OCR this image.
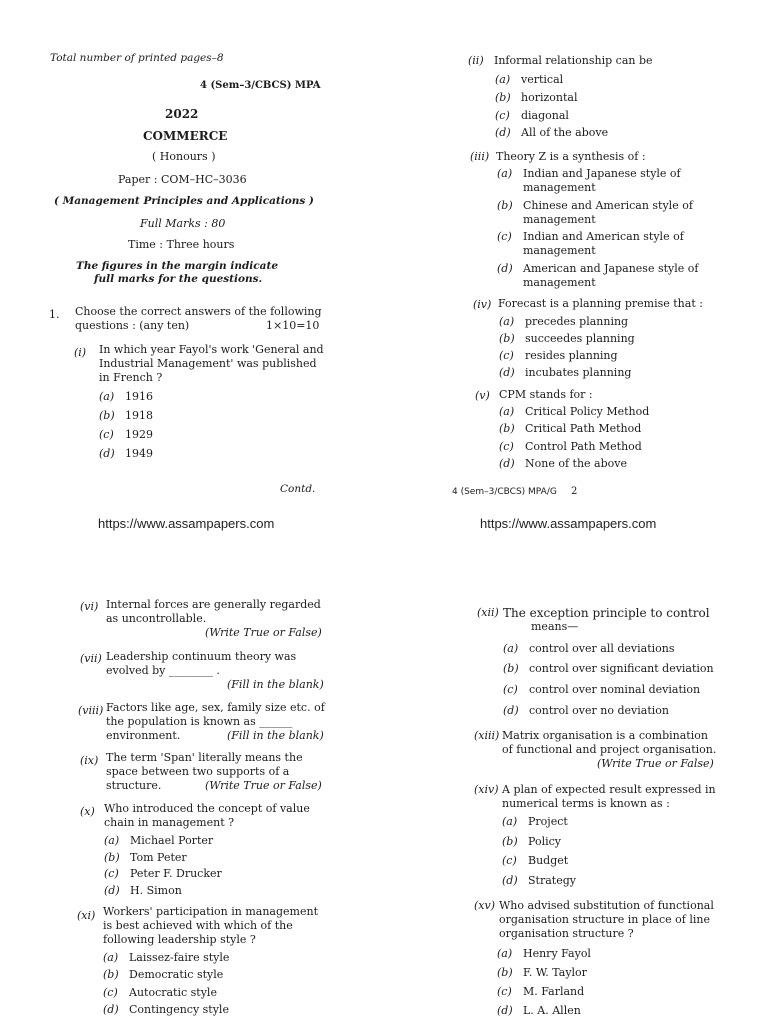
Total number of printed pages–8
4 (Sem–3/CBCS) MPA
2022
COMMERCE
( Honours )
Paper : COM–HC–3036
( Management Principles and Applications )
Full Marks : 80
Time : Three hours
The figures in the margin indicate
full marks for the questions.
1. Choose the correct answers of the following
questions : (any ten)	1×10=10
(i) In which year Fayol's work 'General and
Industrial Management' was published
in French ?
(a) 1916
(b) 1918
(c) 1929
(d) 1949
Contd.
https://www.assampapers.com
(ii) Informal relationship can be
(a) vertical
(b) horizontal
(c) diagonal
(d) All of the above
(iii) Theory Z is a synthesis of :
(a) Indian and Japanese style of
management
(b) Chinese and American style of
management
(c) Indian and American style of
management
(d) American and Japanese style of
management
(iv) Forecast is a planning premise that :
(a) precedes planning
(b) succeedes planning
(c) resides planning
(d) incubates planning
(v) CPM stands for :
(a) Critical Policy Method
(b) Critical Path Method
(c) Control Path Method
(d) None of the above
4 (Sem–3/CBCS) MPA/G 2
https://www.assampapers.com
(vi) Internal forces are generally regarded
as uncontrollable.
(Write True or False)
(vii) Leadership continuum theory was
evolved by ________ .
(Fill in the blank)
(viii) Factors like age, sex, family size etc. of
the population is known as ______
environment.	(Fill in the blank)
(ix) The term 'Span' literally means the
space between two supports of a
structure.	(Write True or False)
(x) Who introduced the concept of value
chain in management ?
(a) Michael Porter
(b) Tom Peter
(c) Peter F. Drucker
(d) H. Simon
(xi) Workers' participation in management
is best achieved with which of the
following leadership style ?
(a) Laissez-faire style
(b) Democratic style
(c) Autocratic style
(d) Contingency style
(xii) The exception principle to control
means—
(a) control over all deviations
(b) control over significant deviation
(c) control over nominal deviation
(d) control over no deviation
(xiii) Matrix organisation is a combination
of functional and project organisation.
(Write True or False)
(xiv) A plan of expected result expressed in
numerical terms is known as :
(a) Project
(b) Policy
(c) Budget
(d) Strategy
(xv) Who advised substitution of functional
organisation structure in place of line
organisation structure ?
(a) Henry Fayol
(b) F. W. Taylor
(c) M. Farland
(d) L. A. Allen
